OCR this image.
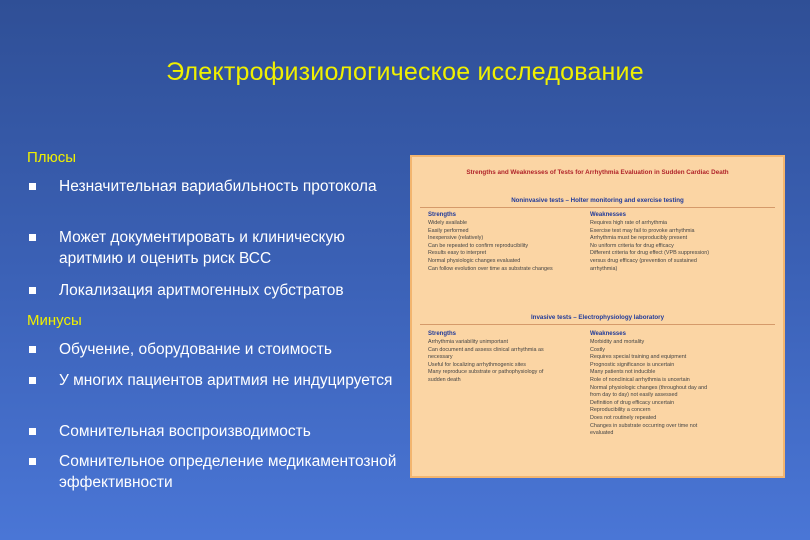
Электрофизиологическое исследование
Плюсы
Незначительная вариабильность протокола
Может документировать и клиническую аритмию и оценить риск ВСС
Локализация аритмогенных субстратов
Минусы
Обучение, оборудование и стоимость
У многих пациентов аритмия не индуцируется
Сомнительная воспроизводимость
Сомнительное определение медикаментозной эффективности
Strengths and Weaknesses of Tests for Arrhythmia Evaluation in Sudden Cardiac Death
Noninvasive tests – Holter monitoring and exercise testing
Strengths	Weaknesses
Widely available
Easily performed
Inexpensive (relatively)
Can be repeated to confirm reproducibility
Results easy to interpret
Normal physiologic changes evaluated
Can follow evolution over time as substrate changes
Requires high rate of arrhythmia
Exercise test may fail to provoke arrhythmia
Arrhythmia must be reproducibly present
No uniform criteria for drug efficacy
Different criteria for drug effect (VPB suppression)
versus drug efficacy (prevention of sustained
arrhythmia)
Invasive tests – Electrophysiology laboratory
Strengths	Weaknesses
Arrhythmia variability unimportant
Can document and assess clinical arrhythmia as
necessary
Useful for localizing arrhythmogenic sites
Many reproduce substrate or pathophysiology of
sudden death
Morbidity and mortality
Costly
Requires special training and equipment
Prognostic significance is uncertain
Many patients not inducible
Role of nonclinical arrhythmia is uncertain
Normal physiologic changes (throughout day and
from day to day) not easily assessed
Definition of drug efficacy uncertain
Reproducibility a concern
Does not routinely repeated
Changes in substrate occurring over time not
evaluated
